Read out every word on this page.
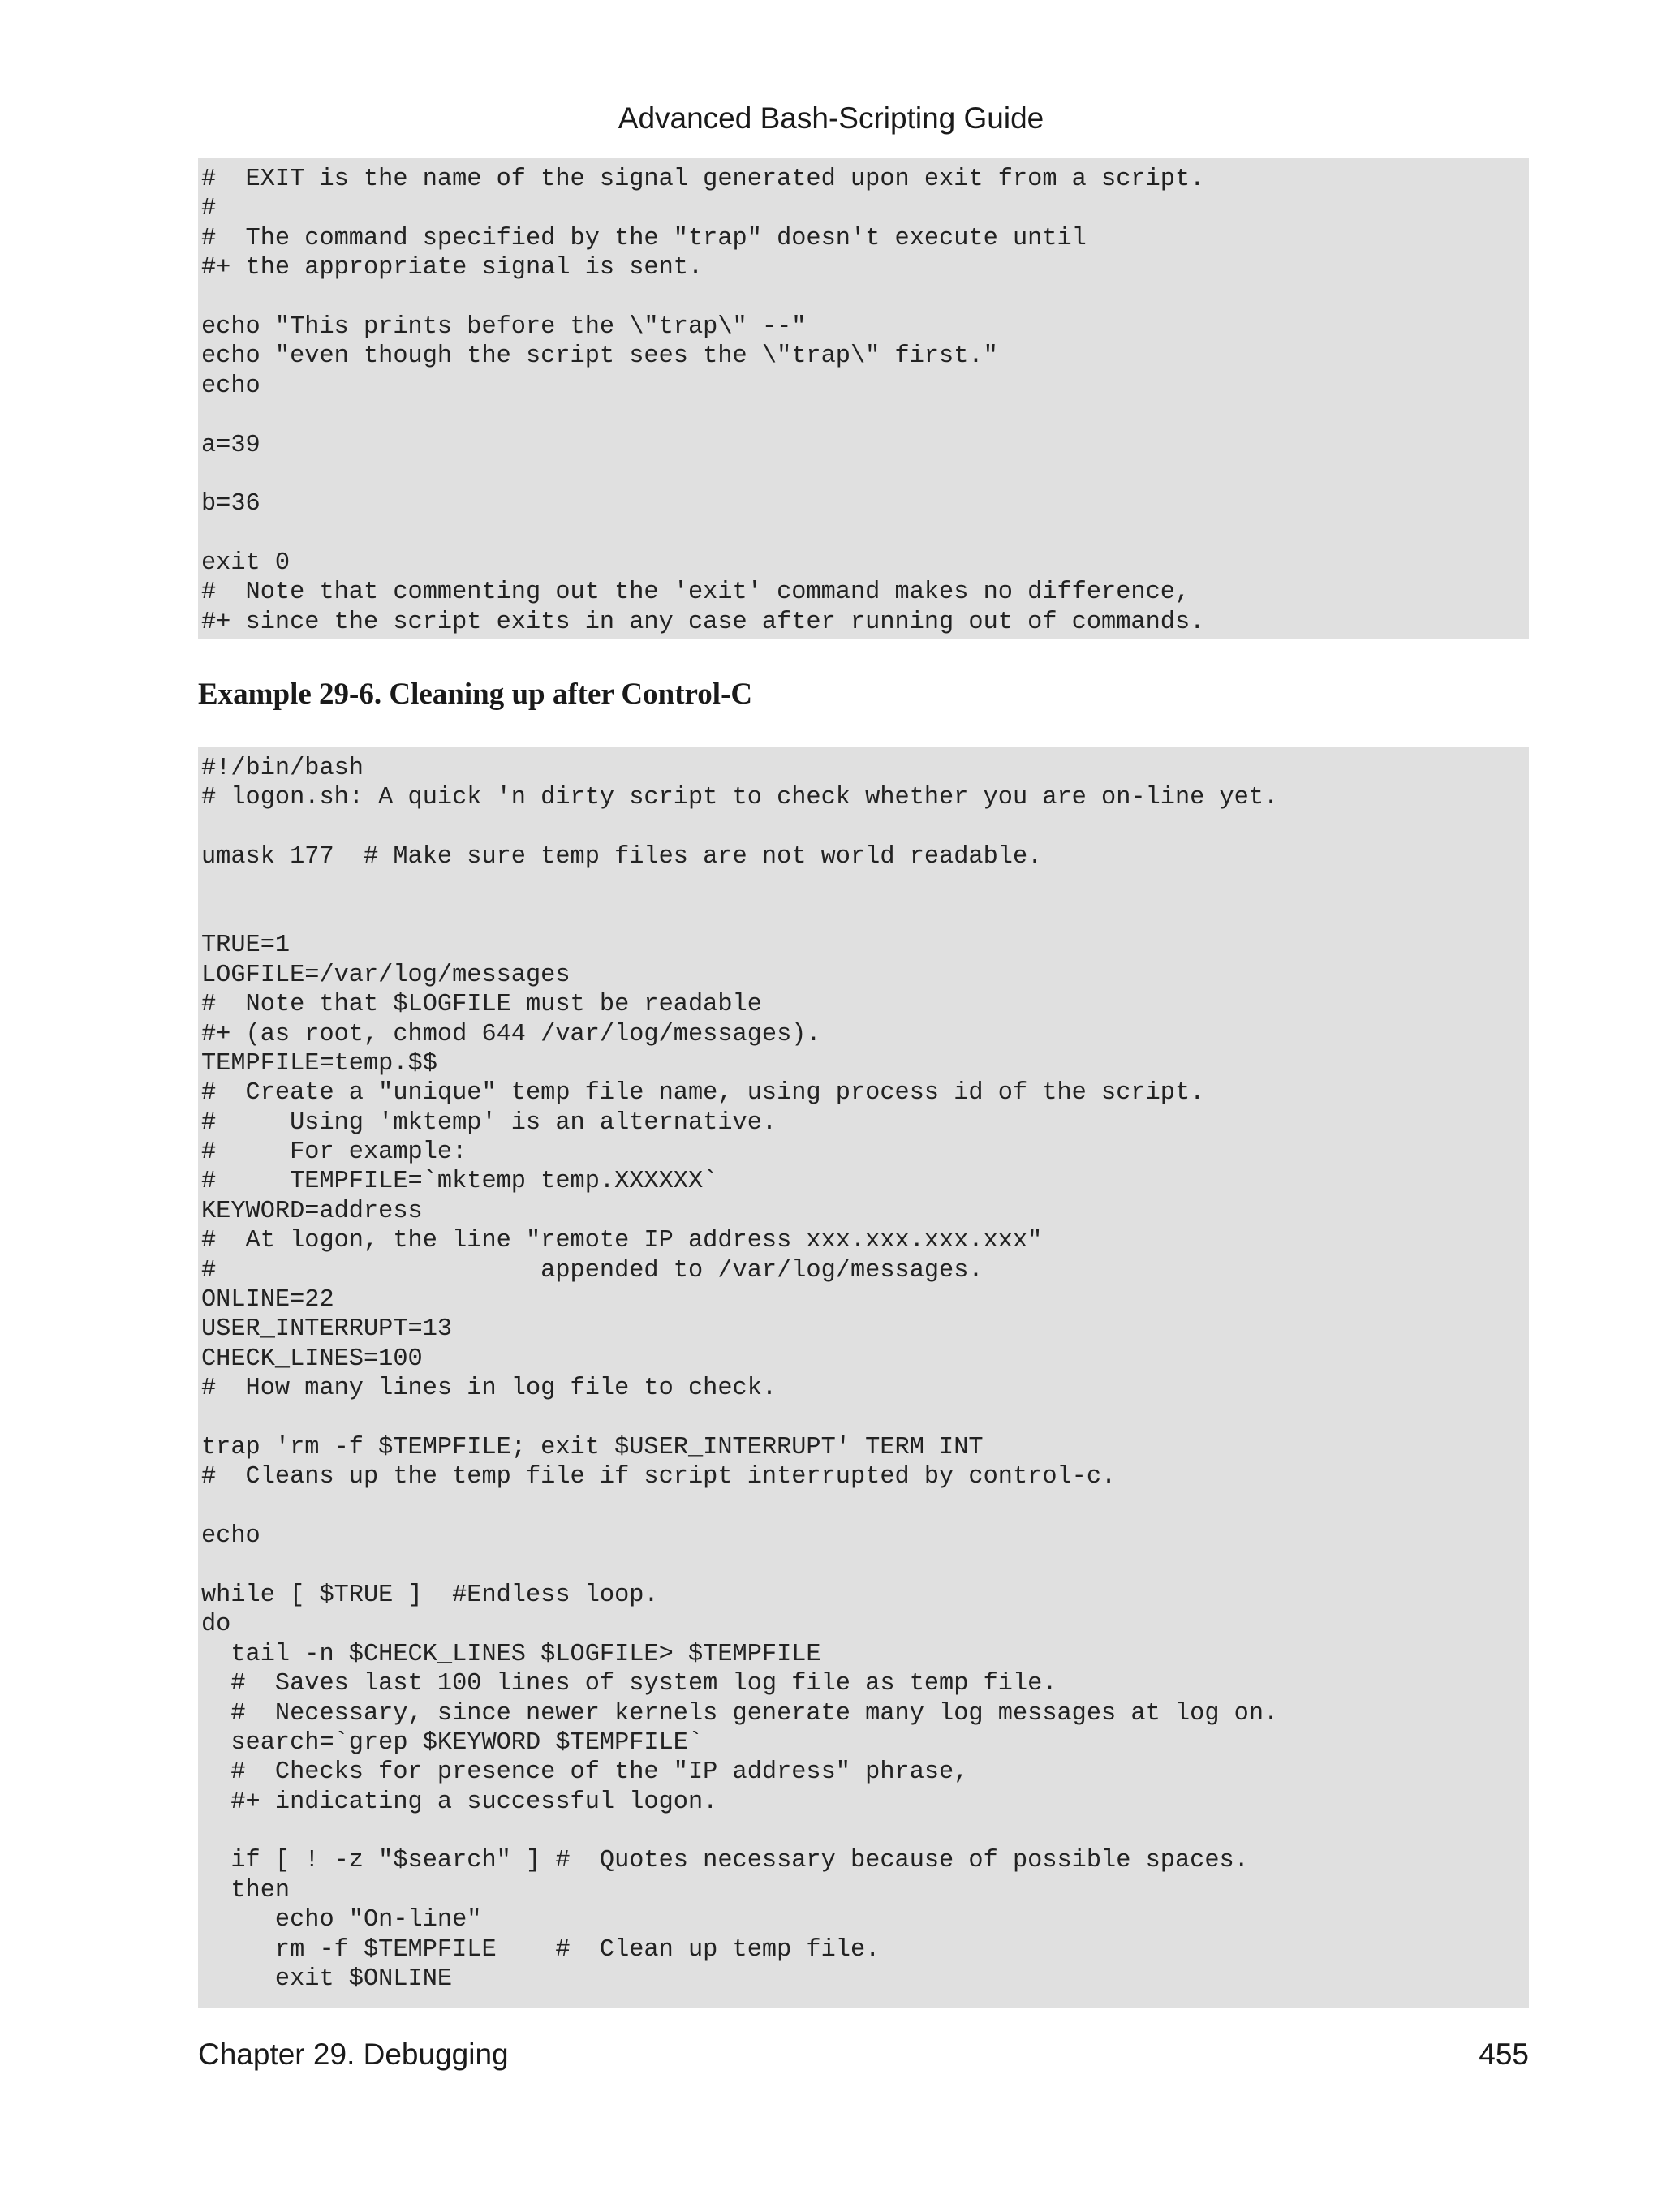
Advanced Bash-Scripting Guide
#  EXIT is the name of the signal generated upon exit from a script.
#
#  The command specified by the "trap" doesn't execute until
#+ the appropriate signal is sent.
echo "This prints before the \"trap\" --"
echo "even though the script sees the \"trap\" first."
echo
a=39
b=36
exit 0
#  Note that commenting out the 'exit' command makes no difference,
#+ since the script exits in any case after running out of commands.
Example 29-6. Cleaning up after Control-C
#!/bin/bash
# logon.sh: A quick 'n dirty script to check whether you are on-line yet.
umask 177  # Make sure temp files are not world readable.
TRUE=1
LOGFILE=/var/log/messages
#  Note that $LOGFILE must be readable
#+ (as root, chmod 644 /var/log/messages).
TEMPFILE=temp.$$
#  Create a "unique" temp file name, using process id of the script.
#     Using 'mktemp' is an alternative.
#     For example:
#     TEMPFILE=`mktemp temp.XXXXXX`
KEYWORD=address
#  At logon, the line "remote IP address xxx.xxx.xxx.xxx"
#                      appended to /var/log/messages.
ONLINE=22
USER_INTERRUPT=13
CHECK_LINES=100
#  How many lines in log file to check.
trap 'rm -f $TEMPFILE; exit $USER_INTERRUPT' TERM INT
#  Cleans up the temp file if script interrupted by control-c.
echo
while [ $TRUE ]  #Endless loop.
do
tail -n $CHECK_LINES $LOGFILE> $TEMPFILE
#  Saves last 100 lines of system log file as temp file.
#  Necessary, since newer kernels generate many log messages at log on.
search=`grep $KEYWORD $TEMPFILE`
#  Checks for presence of the "IP address" phrase,
#+ indicating a successful logon.
if [ ! -z "$search" ] #  Quotes necessary because of possible spaces.
then
echo "On-line"
rm -f $TEMPFILE    #  Clean up temp file.
exit $ONLINE
Chapter 29. Debugging	455
